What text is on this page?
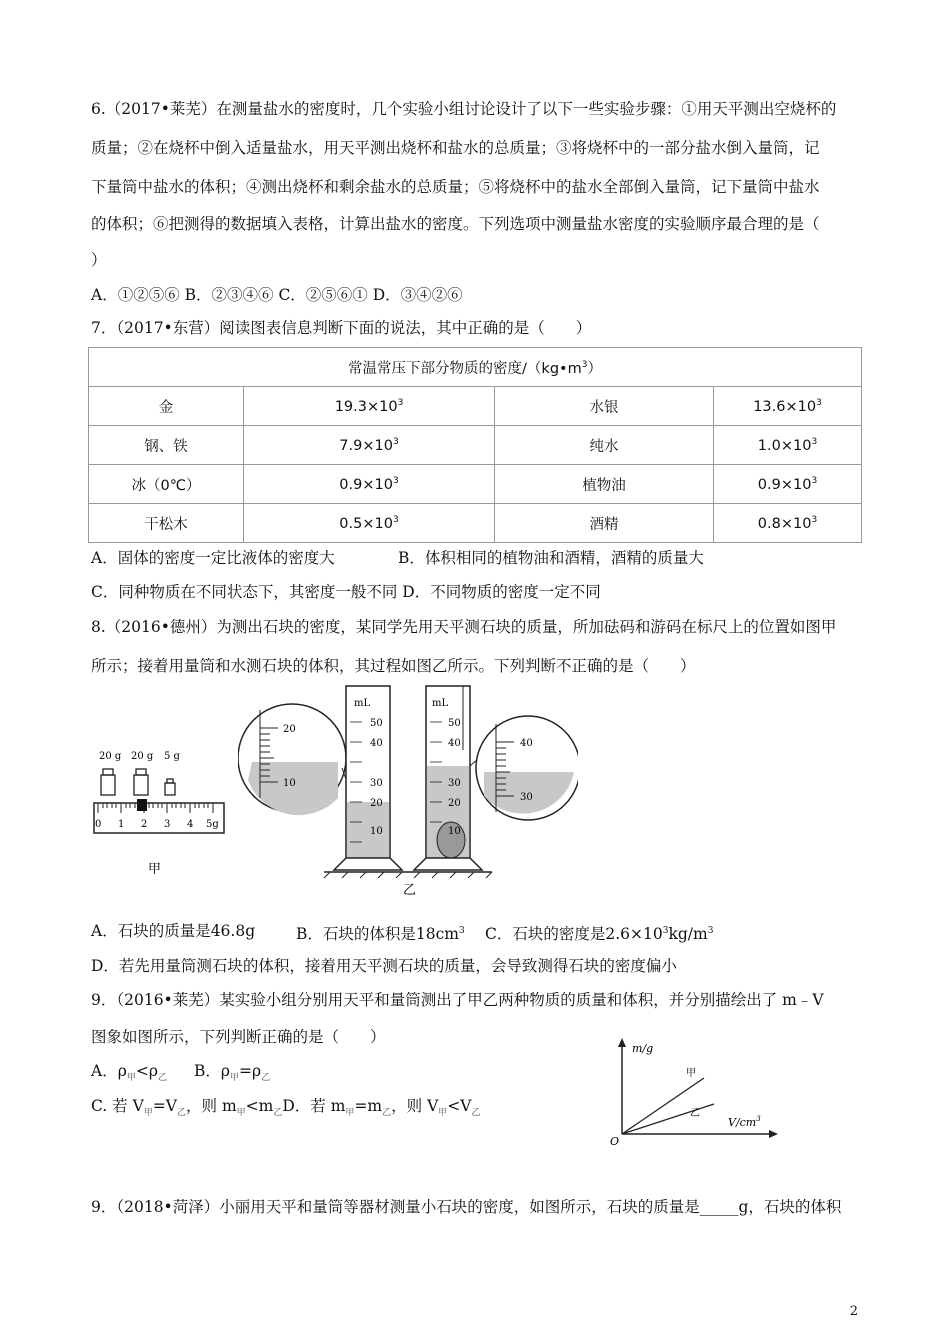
6.（2017•莱芜）在测量盐水的密度时，几个实验小组讨论设计了以下一些实验步骤：①用天平测出空烧杯的
质量；②在烧杯中倒入适量盐水，用天平测出烧杯和盐水的总质量；③将烧杯中的一部分盐水倒入量筒，记
下量筒中盐水的体积；④测出烧杯和剩余盐水的总质量；⑤将烧杯中的盐水全部倒入量筒，记下量筒中盐水
的体积；⑥把测得的数据填入表格，计算出盐水的密度。下列选项中测量盐水密度的实验顺序最合理的是（
）
A．①②⑤⑥ B．②③④⑥ C．②⑤⑥① D．③④②⑥
7．（2017•东营）阅读图表信息判断下面的说法，其中正确的是（　　）
常温常压下部分物质的密度$/(kg•m^3)$			
金	$19.3\times 10^3$	水银	$13.6\times 10^3$
钢、铁	$7.9\times 10^3$	纯水	$1.0\times 10^3$
冰（0℃）	$0.9\times 10^3$	植物油	$0.9\times 10^3$
干松木	$0.5\times 10^3$	酒精	$0.8\times 10^3$
A．固体的密度一定比液体的密度大	B．体积相同的植物油和酒精，酒精的质量大
C．同种物质在不同状态下，其密度一般不同 D．不同物质的密度一定不同
8.（2016•德州）为测出石块的密度，某同学先用天平测石块的质量，所加砝码和游码在标尺上的位置如图甲
所示；接着用量筒和水测石块的体积，其过程如图乙所示。下列判断不正确的是（　　）
20 g 20 g 5 g
0 1 2 3 4 5g
甲
20
10
mL
50
40
30
20
10
mL
50
40
30
20
10
40
30
乙
A．石块的质量是46.8g	B．石块的体积是$18cm^3$ C．石块的密度是$2.6\times 10^3kg/m^3$
D．若先用量筒测石块的体积，接着用天平测石块的质量，会导致测得石块的密度偏小
9．（2016•莱芜）某实验小组分别用天平和量筒测出了甲乙两种物质的质量和体积，并分别描绘出了 m﹣V
图象如图所示，下列判断正确的是（　　）
A．$\rho_甲<\rho_乙$ B．$\rho_甲=\rho_乙$
C. 若 $V_甲=V_乙$，则 $m_甲<m_乙D$．若 $m_甲=m_乙$，则 $V_甲<V_乙$
m/g
$V/cm^3$
O
甲
乙
9．（2018•菏泽）小丽用天平和量筒等器材测量小石块的密度，如图所示，石块的质量是_____g，石块的体积
2
